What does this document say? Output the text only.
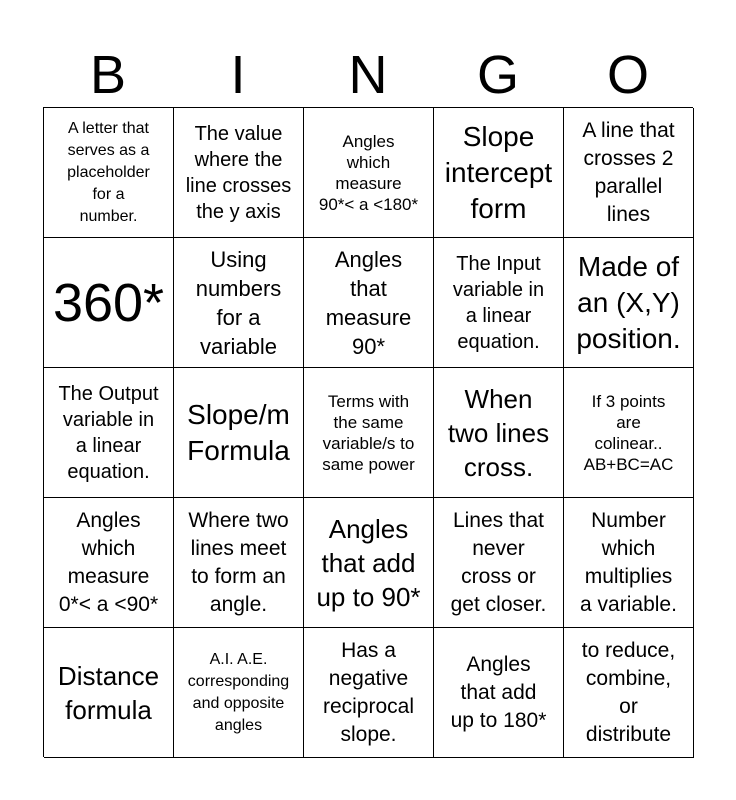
B	I	N	G	O
A letter that
serves as a
placeholder
for a
number.
The value
where the
line crosses
the y axis
Angles
which
measure
90*< a <180*
Slope
intercept
form
A line that
crosses 2
parallel
lines
360*
Using
numbers
for a
variable
Angles
that
measure
90*
The Input
variable in
a linear
equation.
Made of
an (X,Y)
position.
The Output
variable in
a linear
equation.
Slope/m
Formula
Terms with
the same
variable/s to
same power
When
two lines
cross.
If 3 points
are
colinear..
AB+BC=AC
Angles
which
measure
0*< a <90*
Where two
lines meet
to form an
angle.
Angles
that add
up to 90*
Lines that
never
cross or
get closer.
Number
which
multiplies
a variable.
Distance
formula
A.I. A.E.
corresponding
and opposite
angles
Has a
negative
reciprocal
slope.
Angles
that add
up to 180*
to reduce,
combine,
or
distribute
